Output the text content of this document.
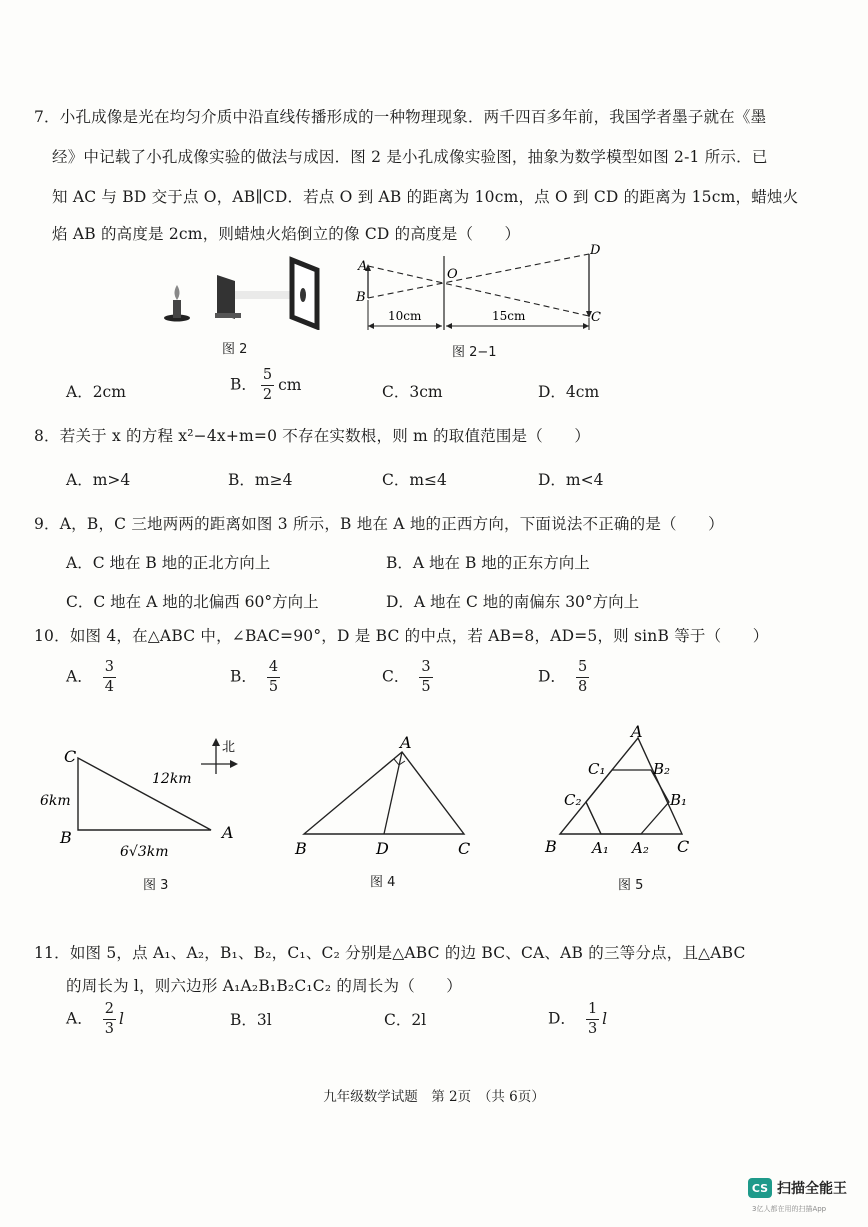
7．小孔成像是光在均匀介质中沿直线传播形成的一种物理现象．两千四百多年前，我国学者墨子就在《墨
经》中记载了小孔成像实验的做法与成因．图 2 是小孔成像实验图，抽象为数学模型如图 2-1 所示．已
知 AC 与 BD 交于点 O，AB∥CD．若点 O 到 AB 的距离为 10cm，点 O 到 CD 的距离为 15cm，蜡烛火
焰 AB 的高度是 2cm，则蜡烛火焰倒立的像 CD 的高度是（　　）
图 2
A
B
O
D
C
10cm	15cm
图 2−1
A．2cm	B． $\frac{5}{2}$ cm	C．3cm	D．4cm
8．若关于 x 的方程 x²−4x+m=0 不存在实数根，则 m 的取值范围是（　　）
A．m>4	B．m≥4	C．m≤4	D．m<4
9．A，B，C 三地两两的距离如图 3 所示，B 地在 A 地的正西方向，下面说法不正确的是（　　）
A．C 地在 B 地的正北方向上	B．A 地在 B 地的正东方向上
C．C 地在 A 地的北偏西 60°方向上	D．A 地在 C 地的南偏东 30°方向上
10．如图 4，在△ABC 中，∠BAC=90°，D 是 BC 的中点，若 AB=8，AD=5，则 sinB 等于（　　）
A． $\frac{3}{4}$	B． $\frac{4}{5}$	C． $\frac{3}{5}$	D． $\frac{5}{8}$
C
B	A
6km
12km
6√3km
北
图 3
A
B	D	C
图 4
A
B	C
C₁
C₂
B₂
B₁
A₁ A₂
图 5
11．如图 5，点 A₁、A₂，B₁、B₂，C₁、C₂ 分别是△ABC 的边 BC、CA、AB 的三等分点，且△ABC
的周长为 l，则六边形 A₁A₂B₁B₂C₁C₂ 的周长为（　　）
A． $\frac{2}{3}$ l	B．3l	C．2l	D． $\frac{1}{3}$ l
九年级数学试题　第 2页　（共 6页）
CS 扫描全能王
3亿人都在用的扫描App
